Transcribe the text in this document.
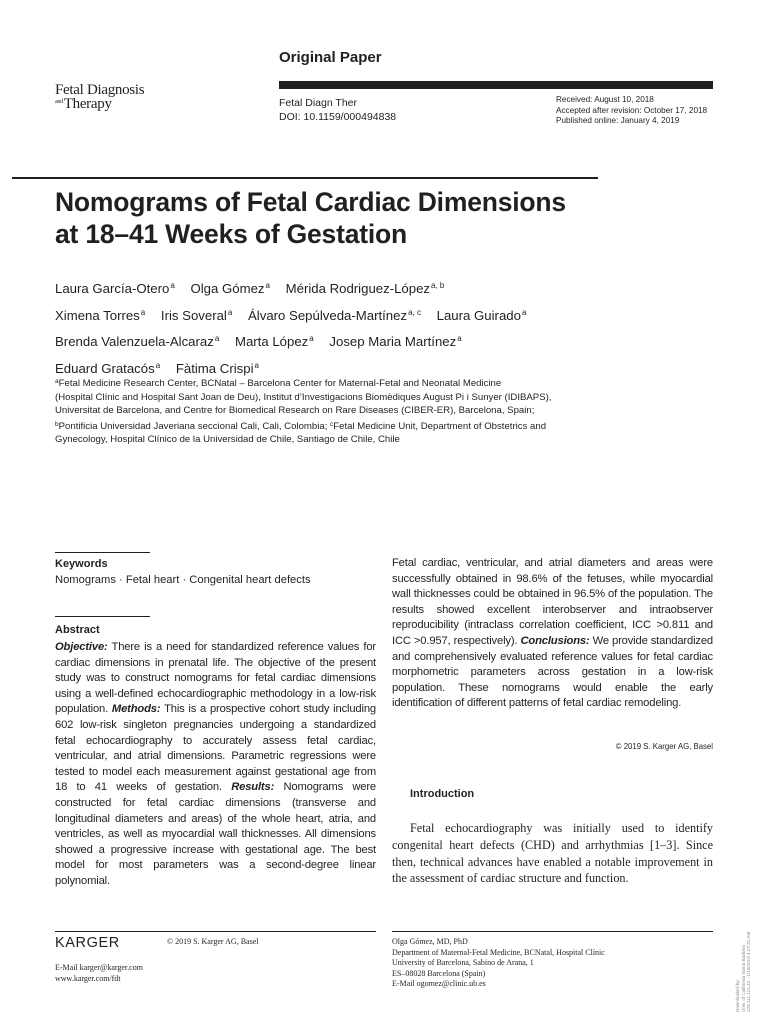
Original Paper
Fetal Diagnosis
$^{and}$Therapy	Fetal Diagn Ther
DOI: 10.1159/000494838
Received: August 10, 2018
Accepted after revision: October 17, 2018
Published online: January 4, 2019
Nomograms of Fetal Cardiac Dimensions
at 18–41 Weeks of Gestation
Laura García-Otero$^a$ Olga Gómez$^a$ Mérida Rodriguez-López$^{a, b}$
Ximena Torres$^a$ Iris Soveral$^a$ Álvaro Sepúlveda-Martínez$^{a, c}$ Laura Guirado$^a$
Brenda Valenzuela-Alcaraz$^a$ Marta López$^a$ Josep Maria Martínez$^a$
Eduard Gratacós$^a$ Fàtima Crispi$^a$

$^a$Fetal Medicine Research Center, BCNatal – Barcelona Center for Maternal-Fetal and Neonatal Medicine

(Hospital Clínic and Hospital Sant Joan de Deu), Institut d’Investigacions Biomèdiques August Pi i Sunyer (IDIBAPS),

Universitat de Barcelona, and Centre for Biomedical Research on Rare Diseases (CIBER-ER), Barcelona, Spain;

$^b$Pontificia Universidad Javeriana seccional Cali, Cali, Colombia; $^c$Fetal Medicine Unit, Department of Obstetrics and

Gynecology, Hospital Clínico de la Universidad de Chile, Santiago de Chile, Chile

Keywords
Nomograms · Fetal heart · Congenital heart defects
Abstract
Objective: There is a need for standardized reference values for cardiac dimensions in prenatal life. The objective of the present study was to construct nomograms for fetal cardiac dimensions using a well-defined echocardiographic methodology in a low-risk population. Methods: This is a prospective cohort study including 602 low-risk singleton pregnancies undergoing a standardized fetal echocardiography to accurately assess fetal cardiac, ventricular, and atrial dimensions. Parametric regressions were tested to model each measurement against gestational age from 18 to 41 weeks of gestation. Results: Nomograms were constructed for fetal cardiac dimensions (transverse and longitudinal diameters and areas) of the whole heart, atria, and ventricles, as well as myocardial wall thicknesses. All dimensions showed a progressive increase with gestational age. The best model for most parameters was a second-degree linear polynomial.
Fetal cardiac, ventricular, and atrial diameters and areas were successfully obtained in 98.6% of the fetuses, while myocardial wall thicknesses could be obtained in 96.5% of the population. The results showed excellent interobserver and intraobserver reproducibility (intraclass correlation coefficient, ICC >0.811 and ICC >0.957, respectively). Conclusions: We provide standardized and comprehensively evaluated reference values for fetal cardiac morphometric parameters across gestation in a low-risk population. These nomograms would enable the early identification of different patterns of fetal cardiac remodeling.
© 2019 S. Karger AG, Basel
Introduction
Fetal echocardiography was initially used to identify congenital heart defects (CHD) and arrhythmias [1–3]. Since then, technical advances have enabled a notable improvement in the assessment of cardiac structure and function.
KARGER	© 2019 S. Karger AG, Basel
E-Mail karger@karger.com
www.karger.com/fdt
Olga Gómez, MD, PhD
Department of Maternal-Fetal Medicine, BCNatal, Hospital Clínic
University of Barcelona, Sabino de Arana, 1
ES–08028 Barcelona (Spain)
E-Mail ogomez@clinic.ub.es	Downloaded by: Univ. of California Santa Barbara 128.111.121.42 - 1/10/2019 4:27:31 AM
